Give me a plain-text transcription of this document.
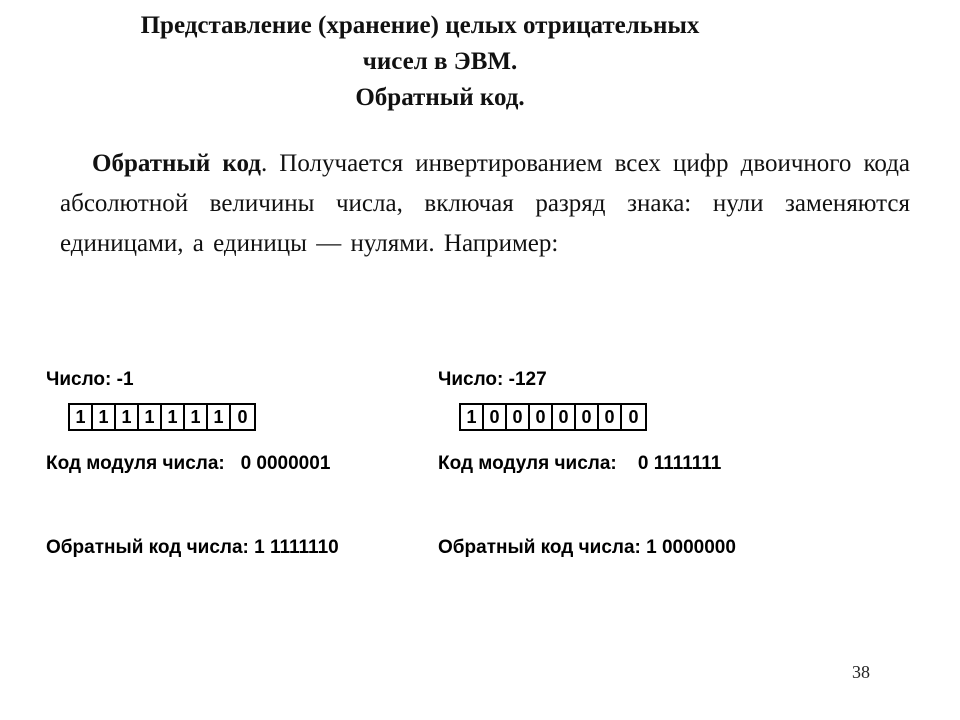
Представление (хранение) целых отрицательных
чисел в ЭВМ.
Обратный код.
Обратный код. Получается инвертированием всех цифр двоичного кода абсолютной величины числа, включая разряд знака: нули заменяются единицами, а единицы — нулями. Например:

Число: -1

Код модуля числа:   0 0000001

Обратный код числа: 1 1111110

1 1 1 1 1 1 1 0

Число: -127

Код модуля числа:    0 1111111

Обратный код числа: 1 0000000

1 0 0 0 0 0 0 0
38
